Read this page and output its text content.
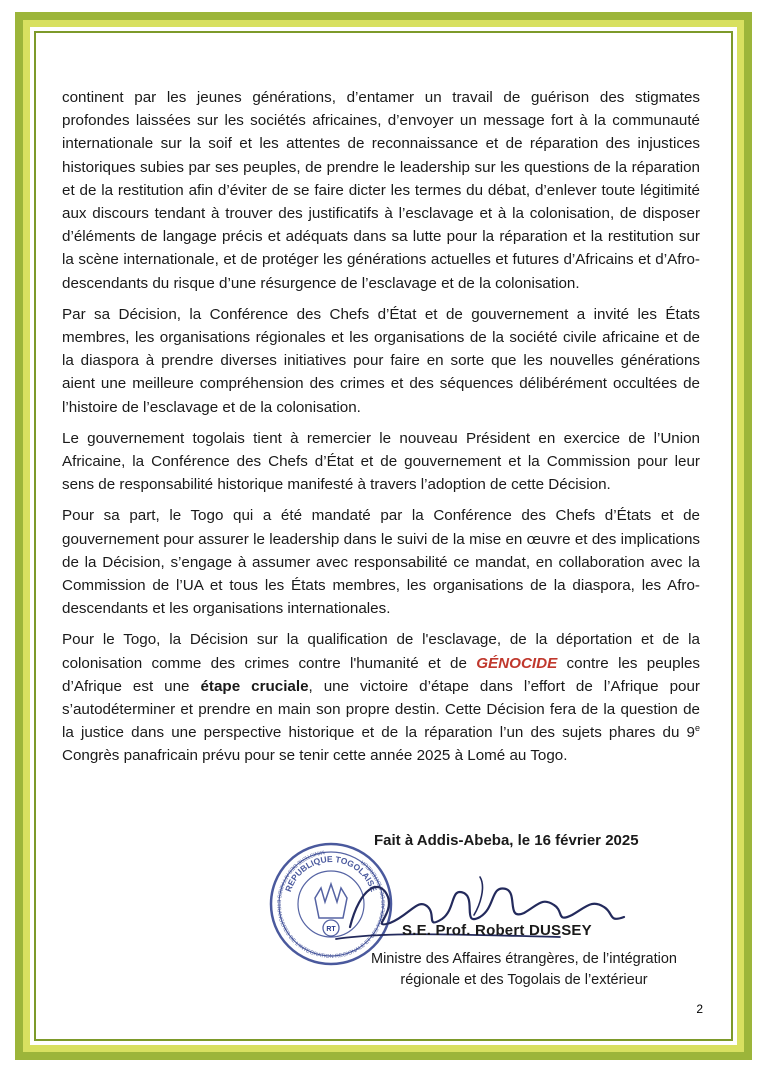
continent par les jeunes générations, d’entamer un travail de guérison des stigmates profondes laissées sur les sociétés africaines, d’envoyer un message fort à la communauté internationale sur la soif et les attentes de reconnaissance et de réparation des injustices historiques subies par ses peuples, de prendre le leadership sur les questions de la réparation et de la restitution afin d’éviter de se faire dicter les termes du débat, d’enlever toute légitimité aux discours tendant à trouver des justificatifs à l’esclavage et à la colonisation, de disposer d’éléments de langage précis et adéquats dans sa lutte pour la réparation et la restitution sur la scène internationale, et de protéger les générations actuelles et futures d’Africains et d’Afro-descendants du risque d’une résurgence de l’esclavage et de la colonisation.

Par sa Décision, la Conférence des Chefs d’État et de gouvernement a invité les États membres, les organisations régionales et les organisations de la société civile africaine et de la diaspora à prendre diverses initiatives pour faire en sorte que les nouvelles générations aient une meilleure compréhension des crimes et des séquences délibérément occultées de l’histoire de l’esclavage et de la colonisation.

Le gouvernement togolais tient à remercier le nouveau Président en exercice de l’Union Africaine, la Conférence des Chefs d’État et de gouvernement et la Commission pour leur sens de responsabilité historique manifesté à travers l’adoption de cette Décision.

Pour sa part, le Togo qui a été mandaté par la Conférence des Chefs d’États et de gouvernement pour assurer le leadership dans le suivi de la mise en œuvre et des implications de la Décision, s’engage à assumer avec responsabilité ce mandat, en collaboration avec la Commission de l’UA et tous les États membres, les organisations de la diaspora, les Afro-descendants et les organisations internationales.

Pour le Togo, la Décision sur la qualification de l'esclavage, de la déportation et de la colonisation comme des crimes contre l'humanité et de GÉNOCIDE contre les peuples d’Afrique est une étape cruciale, une victoire d’étape dans l’effort de l’Afrique pour s’autodéterminer et prendre en main son propre destin. Cette Décision fera de la question de la justice dans une perspective historique et de la réparation l’un des sujets phares du 9e Congrès panafricain prévu pour se tenir cette année 2025 à Lomé au Togo.

Fait à Addis-Abeba, le 16 février 2025
REPUBLIQUE TOGOLAISE
MINISTERE DES AFFAIRES ETRANGERES DE L'INTEGRATION REGIONALE ET DES TOGOLAIS DE L'EXTERIEUR
RT	S.E. Prof. Robert DUSSEY
Ministre des Affaires étrangères, de l’intégration
régionale et des Togolais de l’extérieur
2
